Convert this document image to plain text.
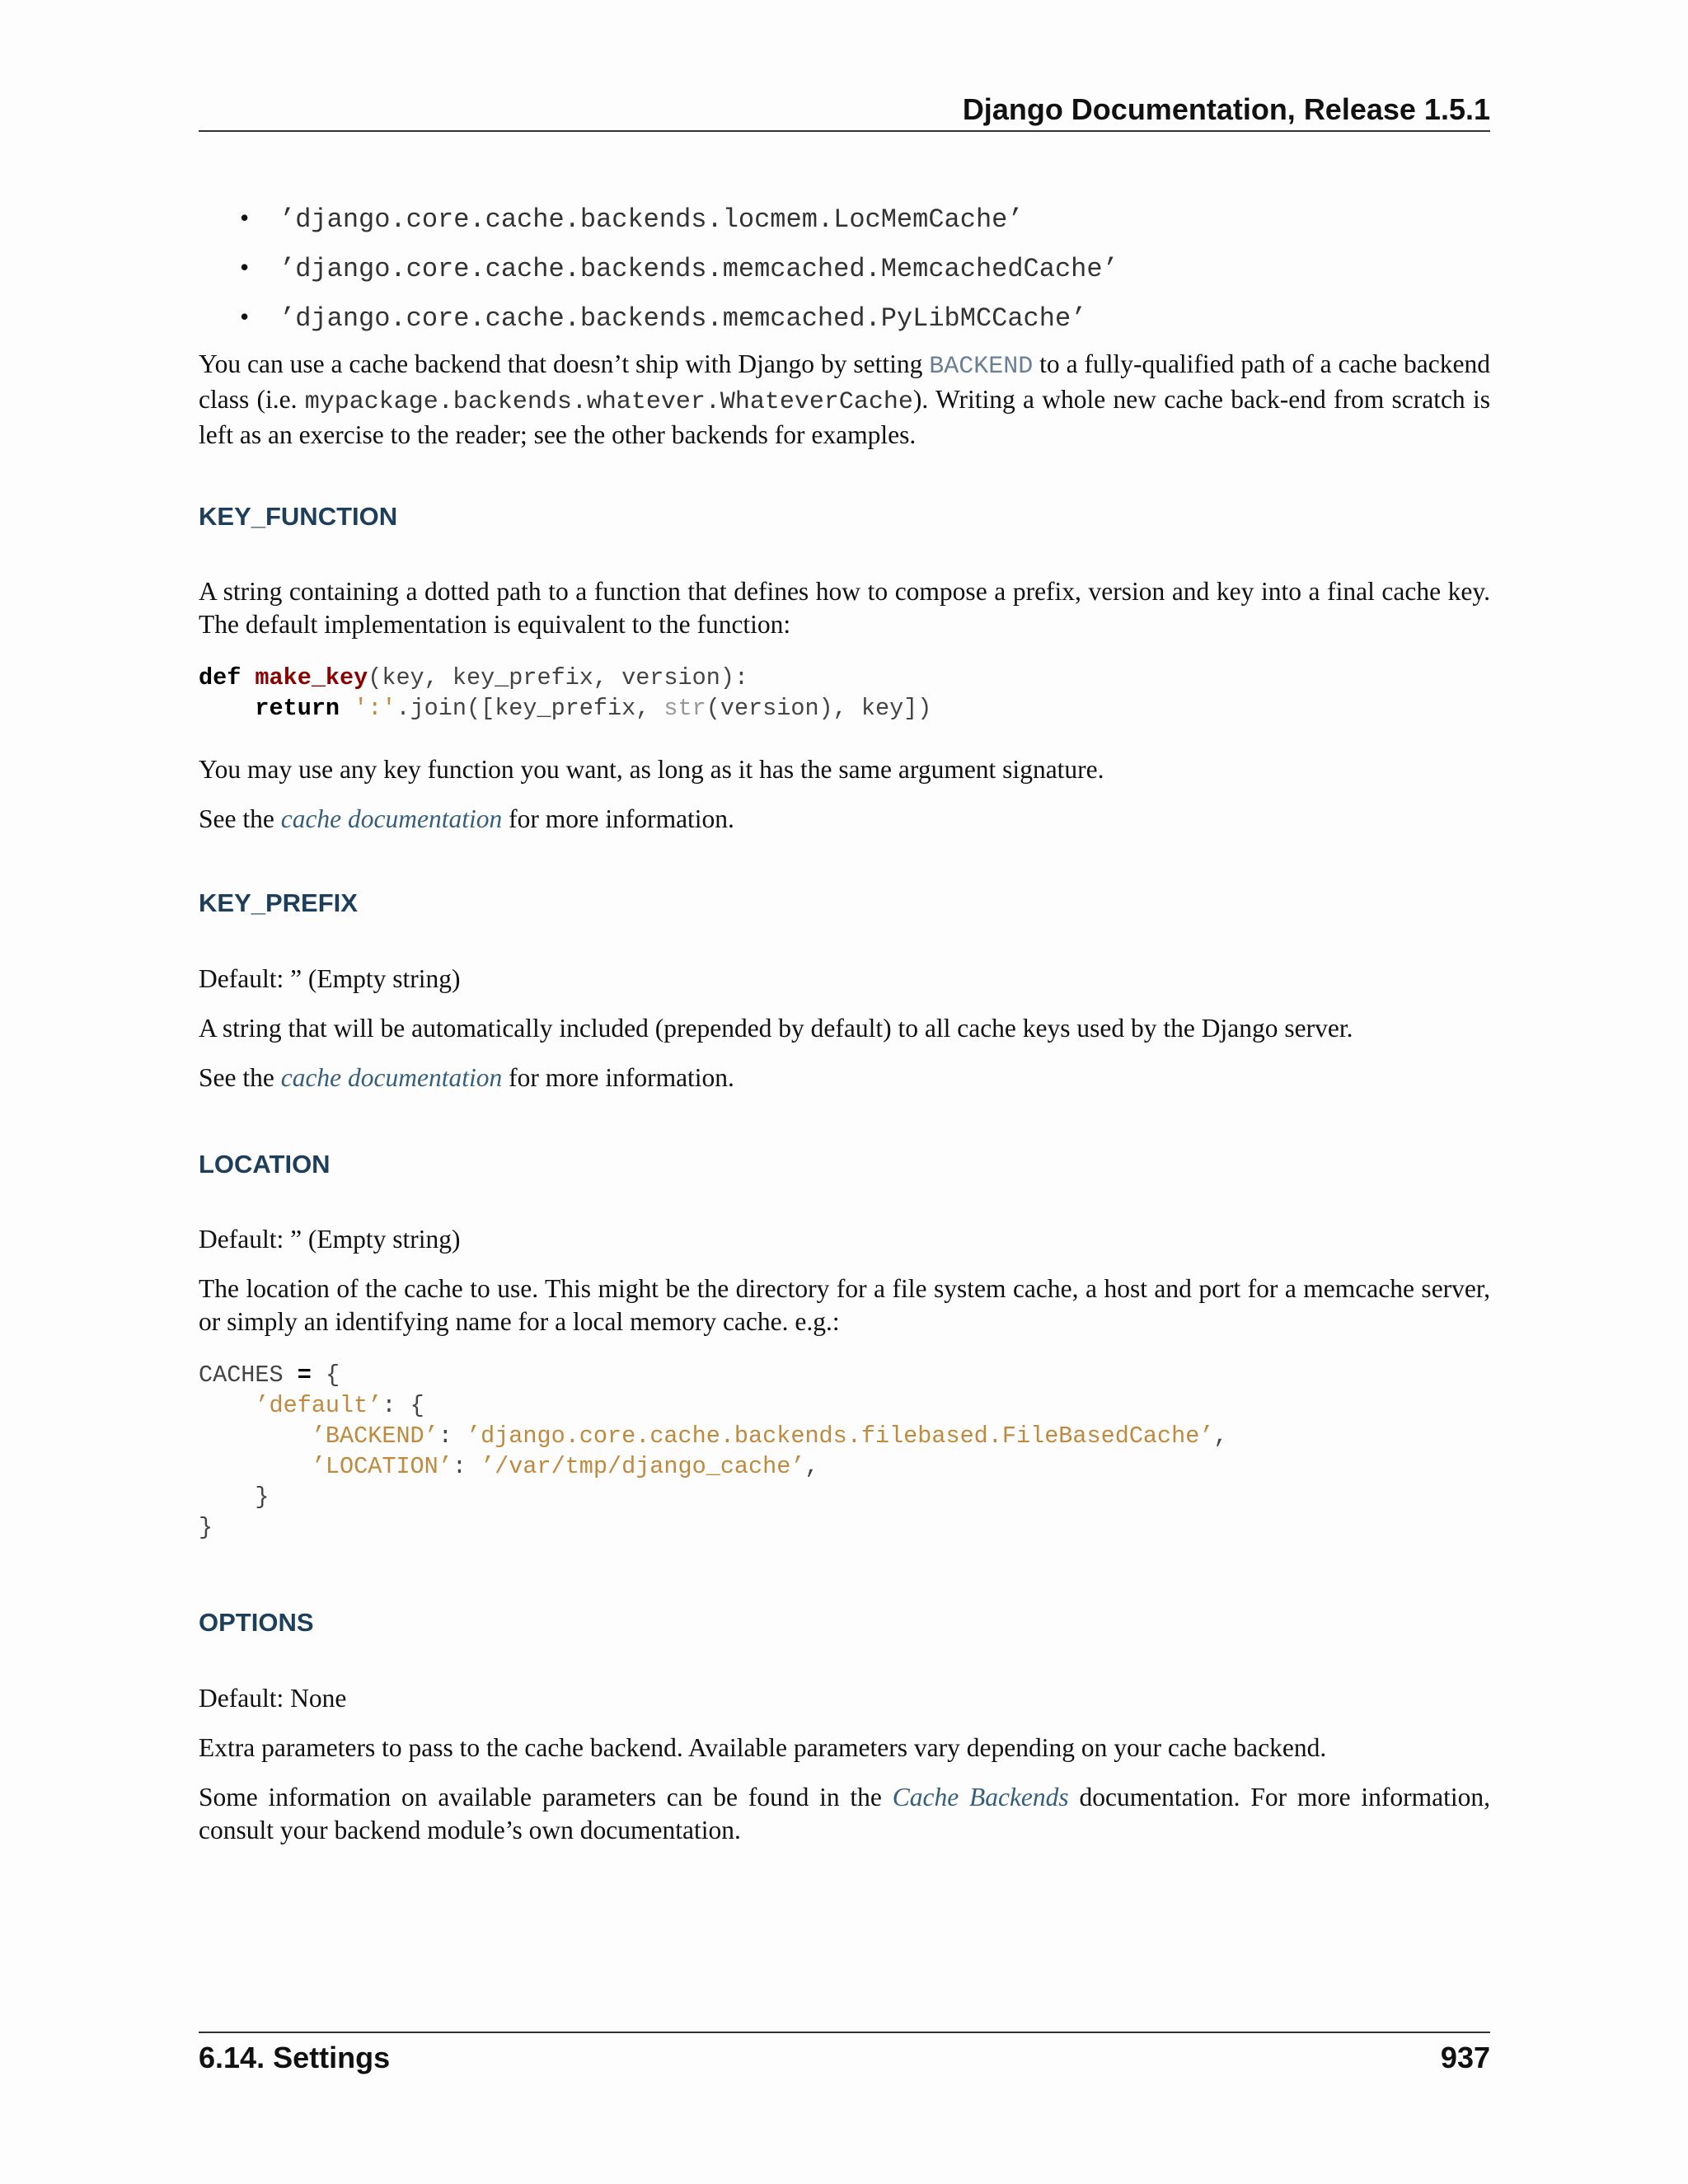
Django Documentation, Release 1.5.1
• ’django.core.cache.backends.locmem.LocMemCache’
• ’django.core.cache.backends.memcached.MemcachedCache’
• ’django.core.cache.backends.memcached.PyLibMCCache’

You can use a cache backend that doesn’t ship with Django by setting BACKEND to a fully-qualified path of a cache backend class (i.e. mypackage.backends.whatever.WhateverCache). Writing a whole new cache back-end from scratch is left as an exercise to the reader; see the other backends for examples.

KEY_FUNCTION

A string containing a dotted path to a function that defines how to compose a prefix, version and key into a final cache key. The default implementation is equivalent to the function:

def make_key(key, key_prefix, version):
return ':'.join([key_prefix, str(version), key])

You may use any key function you want, as long as it has the same argument signature.

See the cache documentation for more information.

KEY_PREFIX

Default: ” (Empty string)

A string that will be automatically included (prepended by default) to all cache keys used by the Django server.

See the cache documentation for more information.

LOCATION

Default: ” (Empty string)

The location of the cache to use. This might be the directory for a file system cache, a host and port for a memcache server, or simply an identifying name for a local memory cache. e.g.:

CACHES = {
’default’: {
’BACKEND’: ’django.core.cache.backends.filebased.FileBasedCache’,
’LOCATION’: ’/var/tmp/django_cache’,
}
}
OPTIONS

Default: None

Extra parameters to pass to the cache backend. Available parameters vary depending on your cache backend.

Some information on available parameters can be found in the Cache Backends documentation. For more information, consult your backend module’s own documentation.

6.14. Settings	937
